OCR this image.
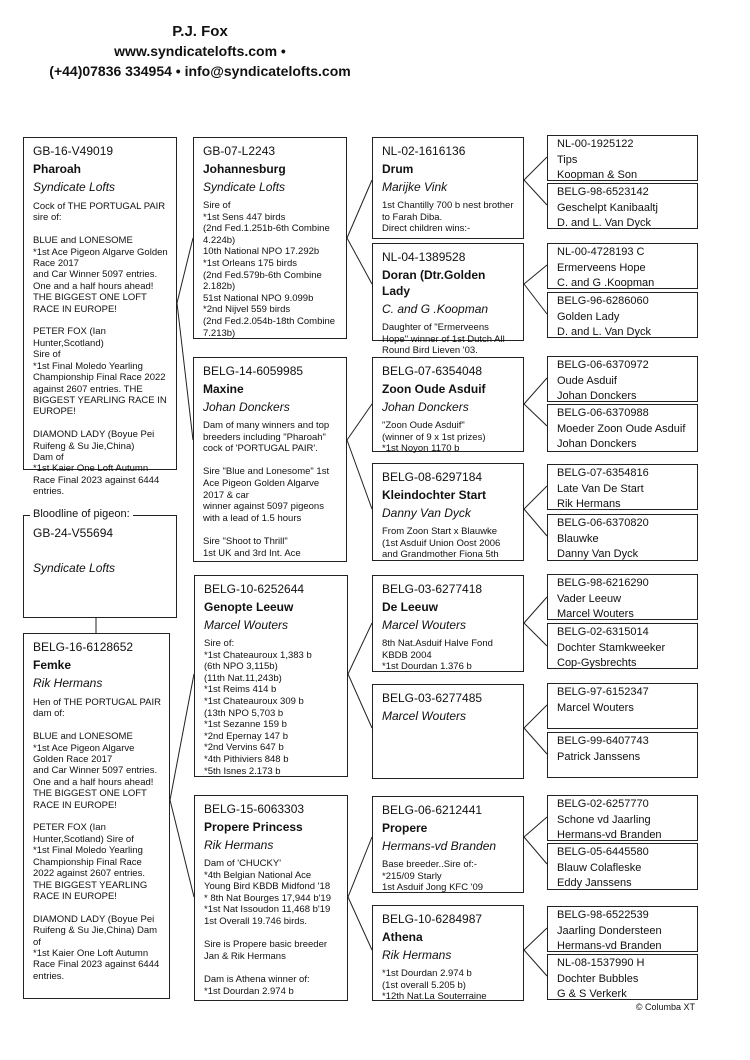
P.J. Fox
www.syndicatelofts.com •
(+44)07836 334954 • info@syndicatelofts.com
GB-16-V49019
Pharoah
Syndicate Lofts
Cock of THE PORTUGAL PAIR sire of:

BLUE and LONESOME
*1st Ace Pigeon Algarve Golden Race 2017
and Car Winner 5097 entries. One and a half hours ahead! THE BIGGEST ONE LOFT RACE IN EUROPE!

PETER FOX (Ian Hunter,Scotland)
Sire of
*1st Final Moledo Yearling Championship Final Race 2022 against 2607 entries. THE BIGGEST YEARLING RACE IN EUROPE!

DIAMOND LADY (Boyue Pei Ruifeng & Su Jie,China)
Dam of
*1st Kaier One Loft Autumn Race Final 2023 against 6444 entries.
GB-24-V55694
Syndicate Lofts
Bloodline of pigeon:
BELG-16-6128652
Femke
Rik Hermans
Hen of THE PORTUGAL PAIR dam of:

BLUE and LONESOME
*1st Ace Pigeon Algarve Golden Race 2017
and Car Winner 5097 entries. One and a half hours ahead! THE BIGGEST ONE LOFT RACE IN EUROPE!

PETER FOX (Ian Hunter,Scotland) Sire of
*1st Final Moledo Yearling Championship Final Race 2022 against 2607 entries. THE BIGGEST YEARLING RACE IN EUROPE!

DIAMOND LADY (Boyue Pei Ruifeng & Su Jie,China) Dam of
*1st Kaier One Loft Autumn Race Final 2023 against 6444 entries.
GB-07-L2243
Johannesburg
Syndicate Lofts
Sire of
*1st Sens 447 birds
(2nd Fed.1.251b-6th Combine 4.224b)
10th National NPO 17.292b
*1st Orleans 175 birds
(2nd Fed.579b-6th Combine 2.182b)
51st National NPO 9.099b
*2nd Nijvel 559 birds
(2nd Fed.2.054b-18th Combine 7.213b)
BELG-14-6059985
Maxine
Johan Donckers
Dam of many winners and top breeders including "Pharoah" cock of 'PORTUGAL PAIR'.

Sire "Blue and Lonesome" 1st Ace Pigeon Golden Algarve 2017 & car
winner against 5097 pigeons with a lead of 1.5 hours

Sire "Shoot to Thrill"
1st UK and 3rd Int. Ace
BELG-10-6252644
Genopte Leeuw
Marcel Wouters
Sire of:
*1st Chateauroux 1,383 b
(6th NPO 3,115b)
(11th Nat.11,243b)
*1st Reims 414 b
*1st Chateauroux 309 b
(13th NPO 5,703 b
*1st Sezanne 159 b
*2nd Epernay 147 b
*2nd Vervins 647 b
*4th Pithiviers 848 b
*5th Isnes 2.173 b
BELG-15-6063303
Propere Princess
Rik Hermans
Dam of 'CHUCKY'
*4th Belgian National Ace Young Bird KBDB Midfond '18
* 8th Nat Bourges 17,944 b'19
*1st Nat Issoudon 11,468 b'19
1st Overall 19.746 birds.

Sire is Propere basic breeder Jan & Rik Hermans

Dam is Athena winner of:
*1st Dourdan 2.974 b
NL-02-1616136
Drum
Marijke Vink
1st Chantilly 700 b nest brother to Farah Diba.
Direct children wins:-
NL-04-1389528
Doran (Dtr.Golden Lady
C. and G .Koopman
Daughter of "Ermerveens Hope" winner of 1st Dutch All Round Bird Lieven '03.
BELG-07-6354048
Zoon Oude Asduif
Johan Donckers
"Zoon Oude Asduif"
(winner of 9 x 1st prizes)
*1st Noyon 1170 b
BELG-08-6297184
Kleindochter Start
Danny Van Dyck
From Zoon Start x Blauwke
(1st Asduif Union Oost 2006 and Grandmother Fiona 5th
BELG-03-6277418
De Leeuw
Marcel Wouters
8th Nat.Asduif Halve Fond KBDB 2004
*1st Dourdan 1.376 b
BELG-03-6277485
Marcel Wouters
BELG-06-6212441
Propere
Hermans-vd Branden
Base breeder..Sire of:-
*215/09 Starly
1st Asduif Jong KFC '09
BELG-10-6284987
Athena
Rik Hermans
*1st Dourdan 2.974 b
(1st overall 5.205 b)
*12th Nat.La Souterraine
NL-00-1925122
Tips
Koopman & Son
BELG-98-6523142
Geschelpt Kanibaaltj
D. and L. Van Dyck
NL-00-4728193 C
Ermerveens Hope
C. and G .Koopman
BELG-96-6286060
Golden Lady
D. and L. Van Dyck
BELG-06-6370972
Oude Asduif
Johan Donckers
BELG-06-6370988
Moeder Zoon Oude Asduif
Johan Donckers
BELG-07-6354816
Late Van De Start
Rik Hermans
BELG-06-6370820
Blauwke
Danny Van Dyck
BELG-98-6216290
Vader Leeuw
Marcel Wouters
BELG-02-6315014
Dochter Stamkweeker
Cop-Gysbrechts
BELG-97-6152347
Marcel Wouters
BELG-99-6407743
Patrick Janssens
BELG-02-6257770
Schone vd Jaarling
Hermans-vd Branden
BELG-05-6445580
Blauw Colafleske
Eddy Janssens
BELG-98-6522539
Jaarling Dondersteen
Hermans-vd Branden
NL-08-1537990 H
Dochter Bubbles
G & S Verkerk
© Columba XT
